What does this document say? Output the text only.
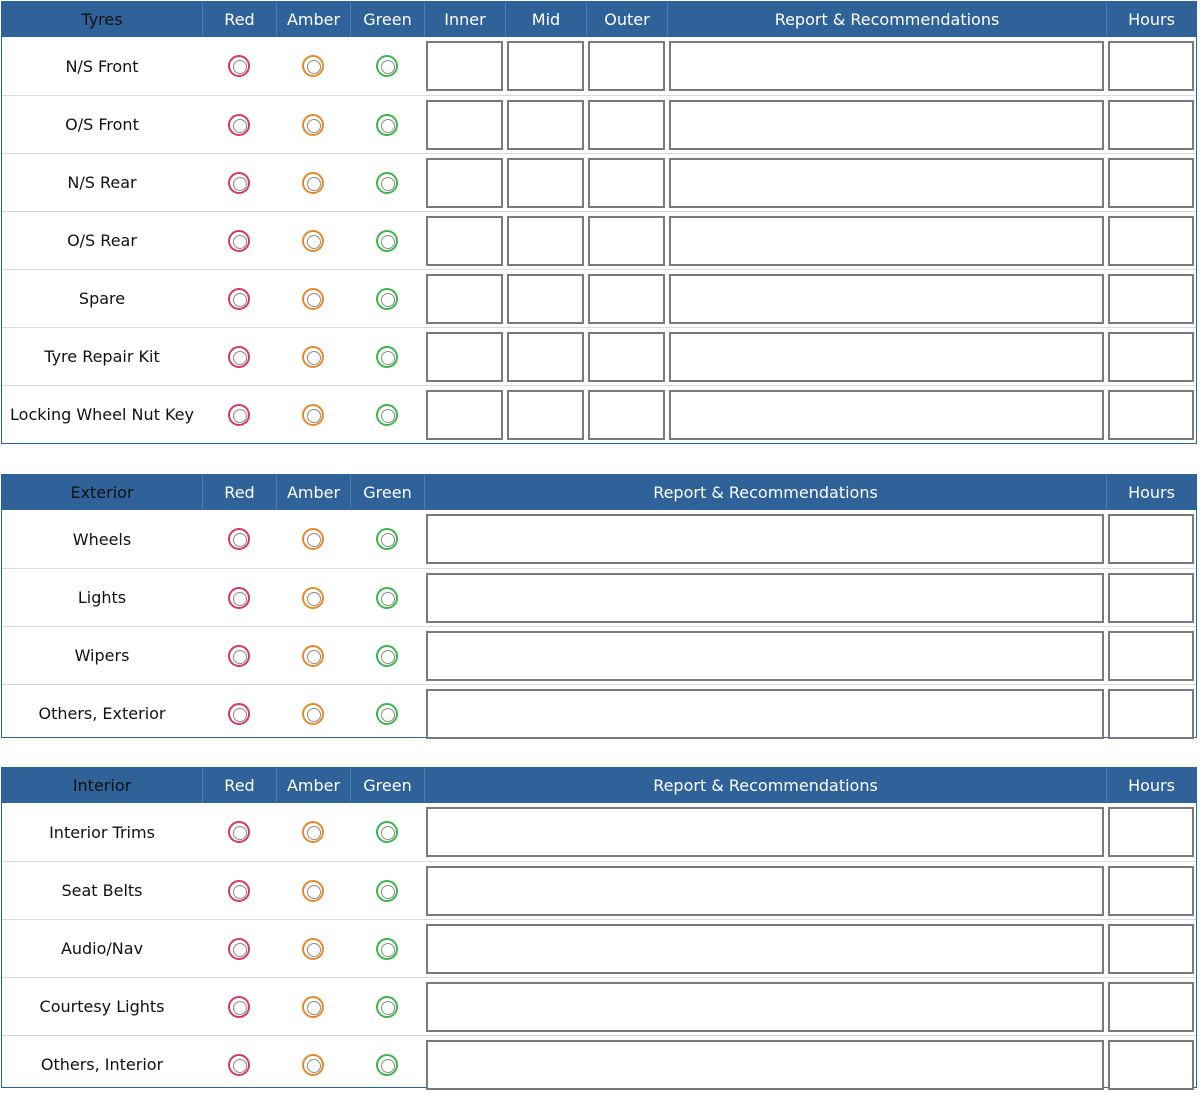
Tyres	Red	Amber	Green	Inner	Mid	Outer	Report & Recommendations	Hours
N/S Front
O/S Front
N/S Rear
O/S Rear
Spare
Tyre Repair Kit
Locking Wheel Nut Key
Exterior	Red	Amber	Green	Report & Recommendations	Hours
Wheels
Lights
Wipers
Others, Exterior
Interior	Red	Amber	Green	Report & Recommendations	Hours
Interior Trims
Seat Belts
Audio/Nav
Courtesy Lights
Others, Interior
